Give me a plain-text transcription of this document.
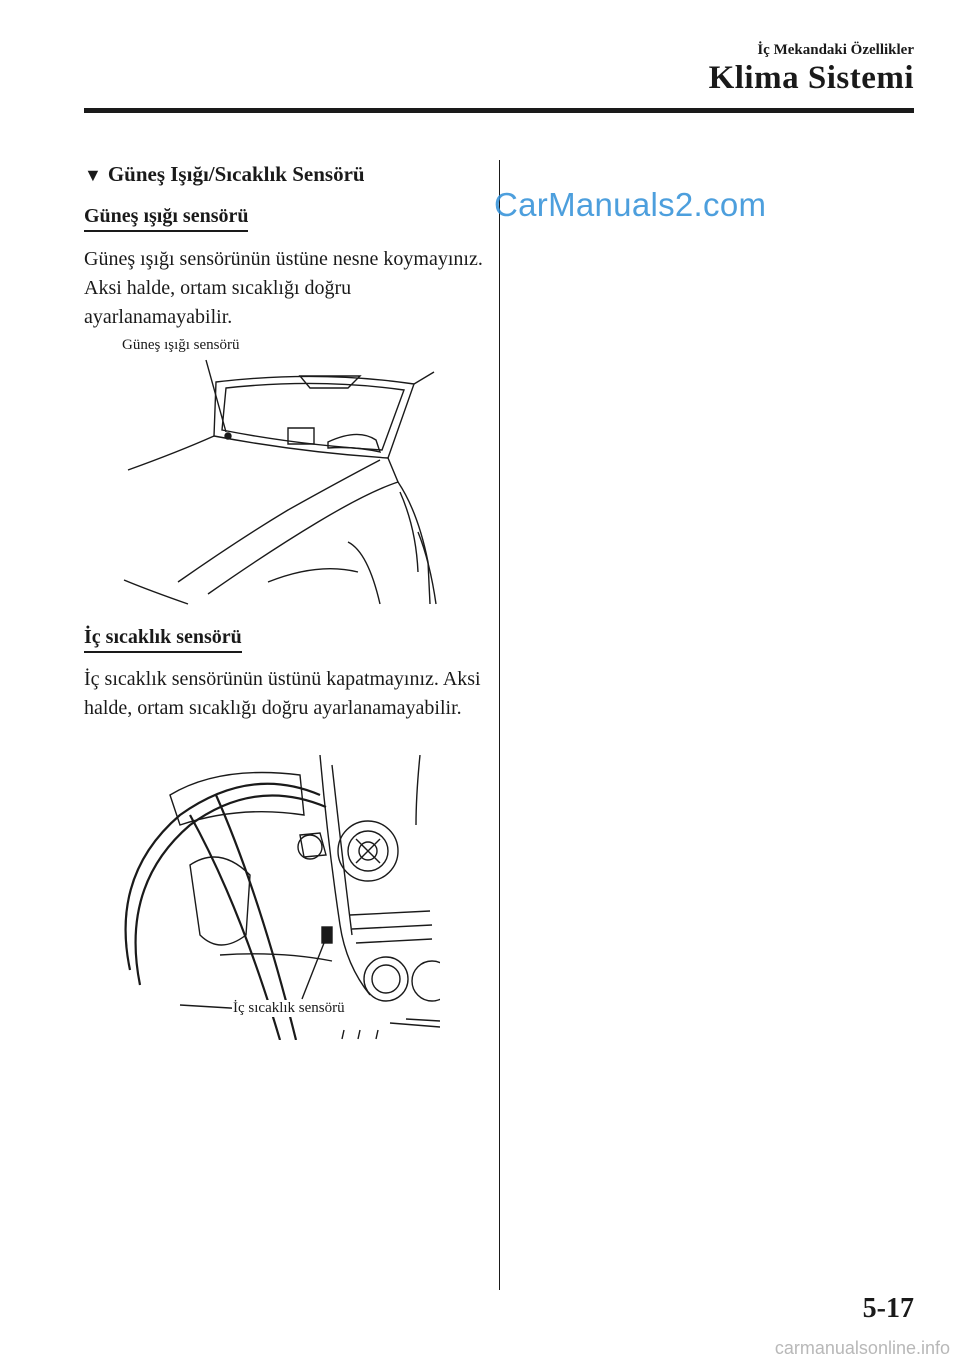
İç Mekandaki Özellikler
Klima Sistemi
CarManuals2.com
▼ Güneş Işığı/Sıcaklık Sensörü
Güneş ışığı sensörü
Güneş ışığı sensörünün üstüne nesne koymayınız. Aksi halde, ortam sıcaklığı doğru ayarlanamayabilir.
Güneş ışığı sensörü
İç sıcaklık sensörü
İç sıcaklık sensörünün üstünü kapatmayınız. Aksi halde, ortam sıcaklığı doğru ayarlanamayabilir.
İç sıcaklık sensörü
5-17
carmanualsonline.info
